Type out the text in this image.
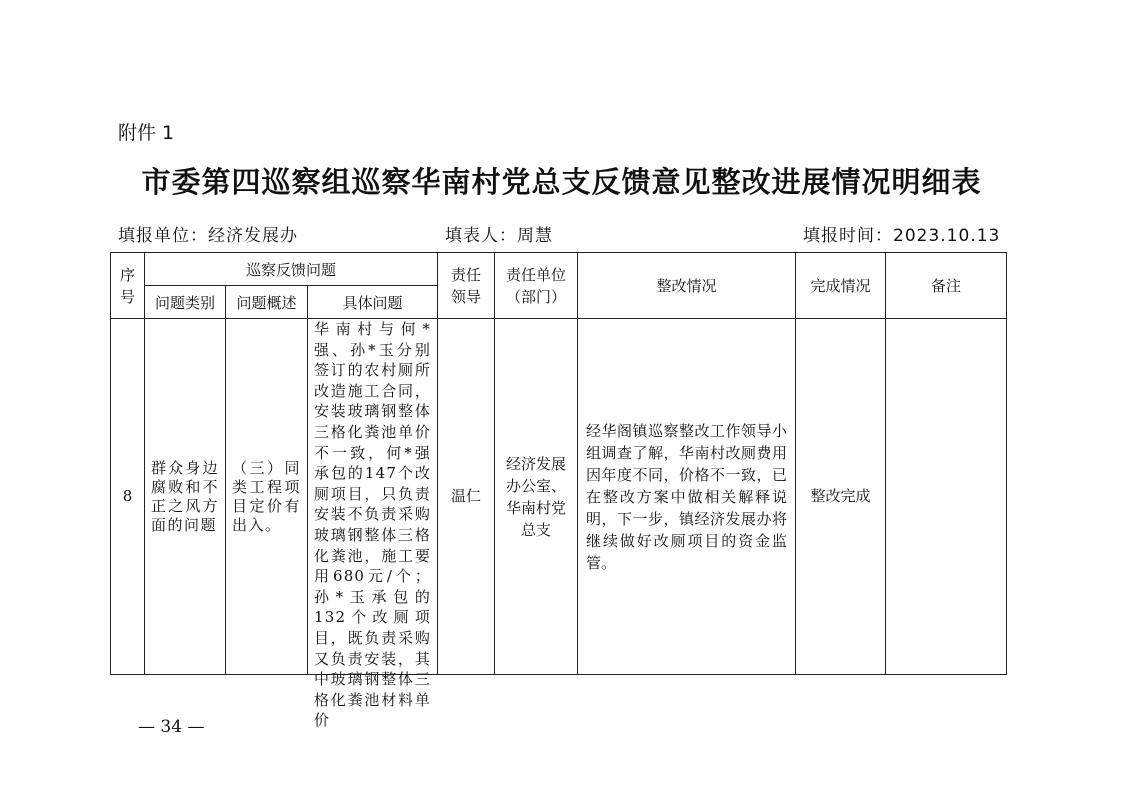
附件 1
市委第四巡察组巡察华南村党总支反馈意见整改进展情况明细表
填报单位：经济发展办	填表人：周慧	填报时间：2023.10.13
序号	巡察反馈问题			责任领导	责任单位（部门）	整改情况	完成情况	备注
	问题类别	问题概述	具体问题					
8	群众身边腐败和不正之风方面的问题	（三）同类工程项目定价有出入。	华南村与何*强、孙*玉分别签订的农村厕所改造施工合同，安装玻璃钢整体三格化粪池单价不一致，何*强承包的147个改厕项目，只负责安装不负责采购玻璃钢整体三格化粪池，施工要用680元/个；孙*玉承包的132个改厕项目，既负责采购又负责安装，其中玻璃钢整体三格化粪池材料单价	温仁	经济发展办公室、华南村党总支	经华阁镇巡察整改工作领导小组调查了解，华南村改厕费用因年度不同，价格不一致，已在整改方案中做相关解释说明，下一步，镇经济发展办将继续做好改厕项目的资金监管。	整改完成	
— 34 —
